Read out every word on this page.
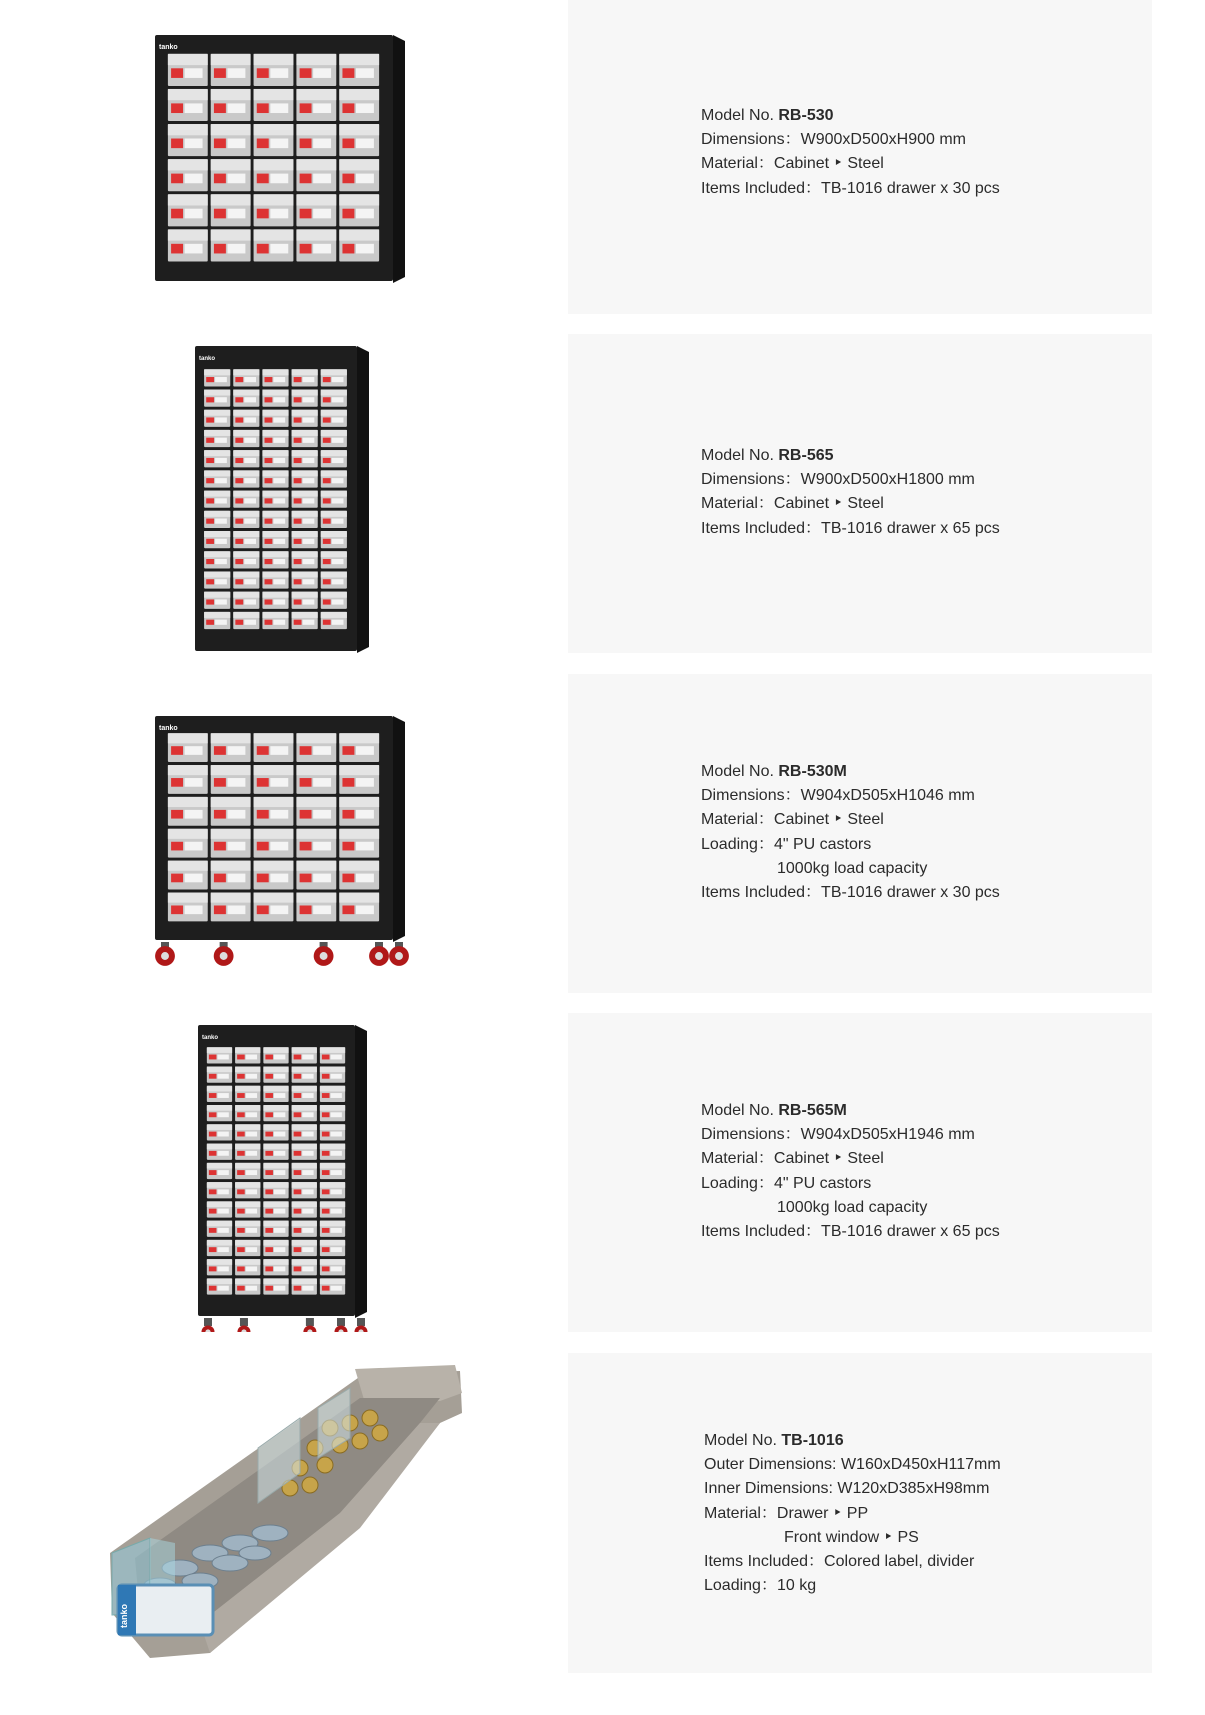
tanko
Model No. RB-530
Dimensions：W900xD500xH900 mm
Material：Cabinet ‣ Steel
Items Included：TB-1016 drawer x 30 pcs
tanko
Model No. RB-565
Dimensions：W900xD500xH1800 mm
Material：Cabinet ‣ Steel
Items Included：TB-1016 drawer x 65 pcs
tanko
Model No. RB-530M
Dimensions：W904xD505xH1046 mm
Material：Cabinet ‣ Steel
Loading：4" PU castors
1000kg load capacity
Items Included：TB-1016 drawer x 30 pcs
tanko
Model No. RB-565M
Dimensions：W904xD505xH1946 mm
Material：Cabinet ‣ Steel
Loading：4" PU castors
1000kg load capacity
Items Included：TB-1016 drawer x 65 pcs
tanko
Model No. TB-1016
Outer Dimensions: W160xD450xH117mm
Inner Dimensions: W120xD385xH98mm
Material：Drawer ‣ PP
Front window ‣ PS
Items Included：Colored label, divider
Loading：10 kg
